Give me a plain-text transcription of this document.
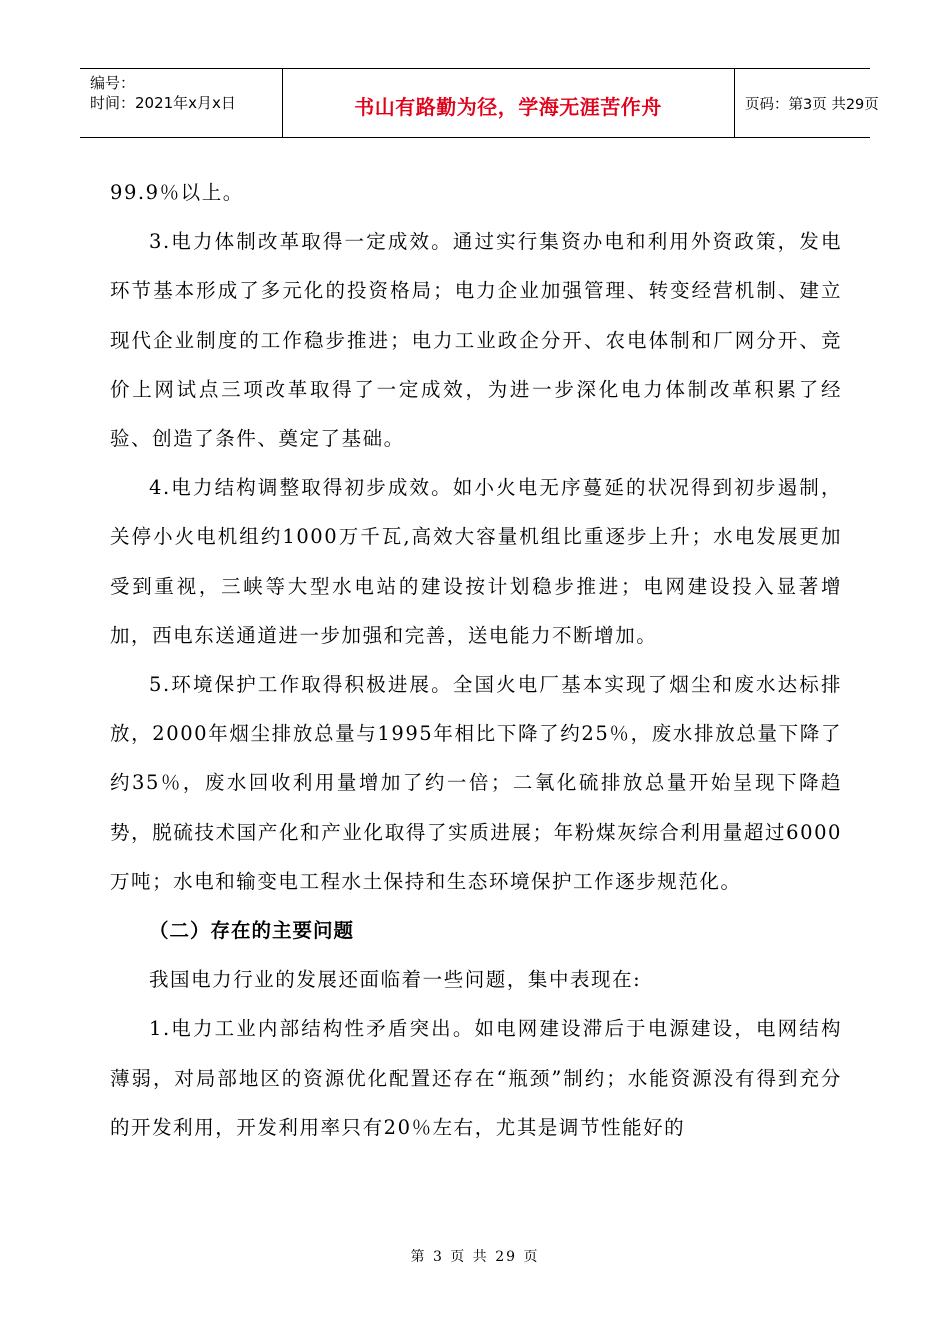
编号：
时间：2021年x月x日	书山有路勤为径，学海无涯苦作舟	页码：第3页 共29页

99.9％以上。

3.电力体制改革取得一定成效。通过实行集资办电和利用外资政策，发电环节基本形成了多元化的投资格局；电力企业加强管理、转变经营机制、建立现代企业制度的工作稳步推进；电力工业政企分开、农电体制和厂网分开、竞价上网试点三项改革取得了一定成效，为进一步深化电力体制改革积累了经验、创造了条件、奠定了基础。

4.电力结构调整取得初步成效。如小火电无序蔓延的状况得到初步遏制，关停小火电机组约1000万千瓦,高效大容量机组比重逐步上升；水电发展更加受到重视，三峡等大型水电站的建设按计划稳步推进；电网建设投入显著增加，西电东送通道进一步加强和完善，送电能力不断增加。

5.环境保护工作取得积极进展。全国火电厂基本实现了烟尘和废水达标排放，2000年烟尘排放总量与1995年相比下降了约25％，废水排放总量下降了约35％，废水回收利用量增加了约一倍；二氧化硫排放总量开始呈现下降趋势，脱硫技术国产化和产业化取得了实质进展；年粉煤灰综合利用量超过6000万吨；水电和输变电工程水土保持和生态环境保护工作逐步规范化。

（二）存在的主要问题

我国电力行业的发展还面临着一些问题，集中表现在:

1.电力工业内部结构性矛盾突出。如电网建设滞后于电源建设，电网结构薄弱，对局部地区的资源优化配置还存在“瓶颈”制约；水能资源没有得到充分的开发利用，开发利用率只有20％左右，尤其是调节性能好的

第 3 页 共 29 页
